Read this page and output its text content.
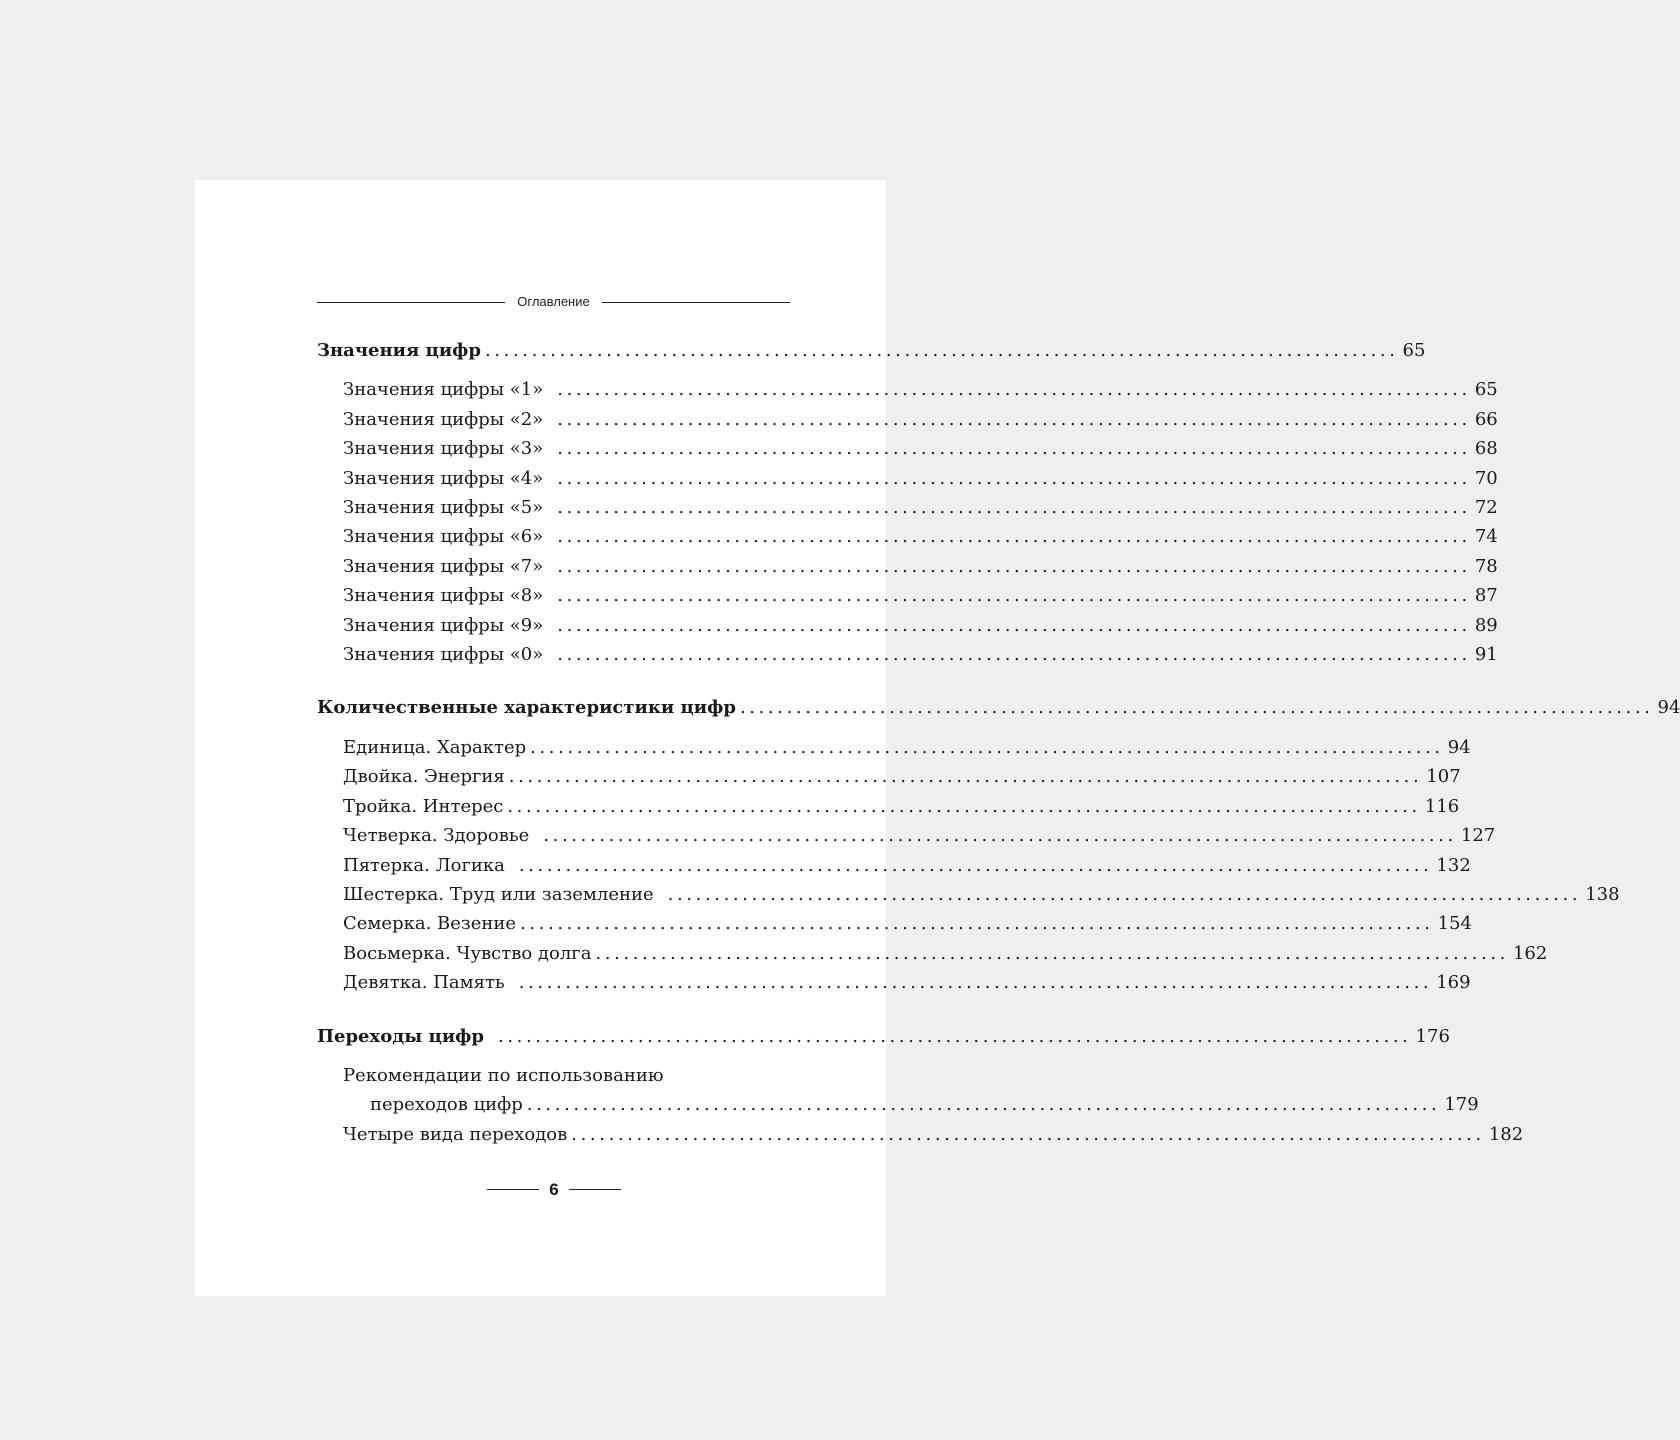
Оглавление
Значения цифр .................................................................................................. 65
Значения цифры «1» .................................................................................................. 65
Значения цифры «2» .................................................................................................. 66
Значения цифры «3» .................................................................................................. 68
Значения цифры «4» .................................................................................................. 70
Значения цифры «5» .................................................................................................. 72
Значения цифры «6» .................................................................................................. 74
Значения цифры «7» .................................................................................................. 78
Значения цифры «8» .................................................................................................. 87
Значения цифры «9» .................................................................................................. 89
Значения цифры «0» .................................................................................................. 91
Количественные характеристики цифр .................................................................................................. 94
Единица. Характер .................................................................................................. 94
Двойка. Энергия .................................................................................................. 107
Тройка. Интерес .................................................................................................. 116
Четверка. Здоровье .................................................................................................. 127
Пятерка. Логика .................................................................................................. 132
Шестерка. Труд или заземление .................................................................................................. 138
Семерка. Везение .................................................................................................. 154
Восьмерка. Чувство долга .................................................................................................. 162
Девятка. Память .................................................................................................. 169
Переходы цифр .................................................................................................. 176
Рекомендации по использованию
переходов цифр .................................................................................................. 179
Четыре вида переходов .................................................................................................. 182
6
